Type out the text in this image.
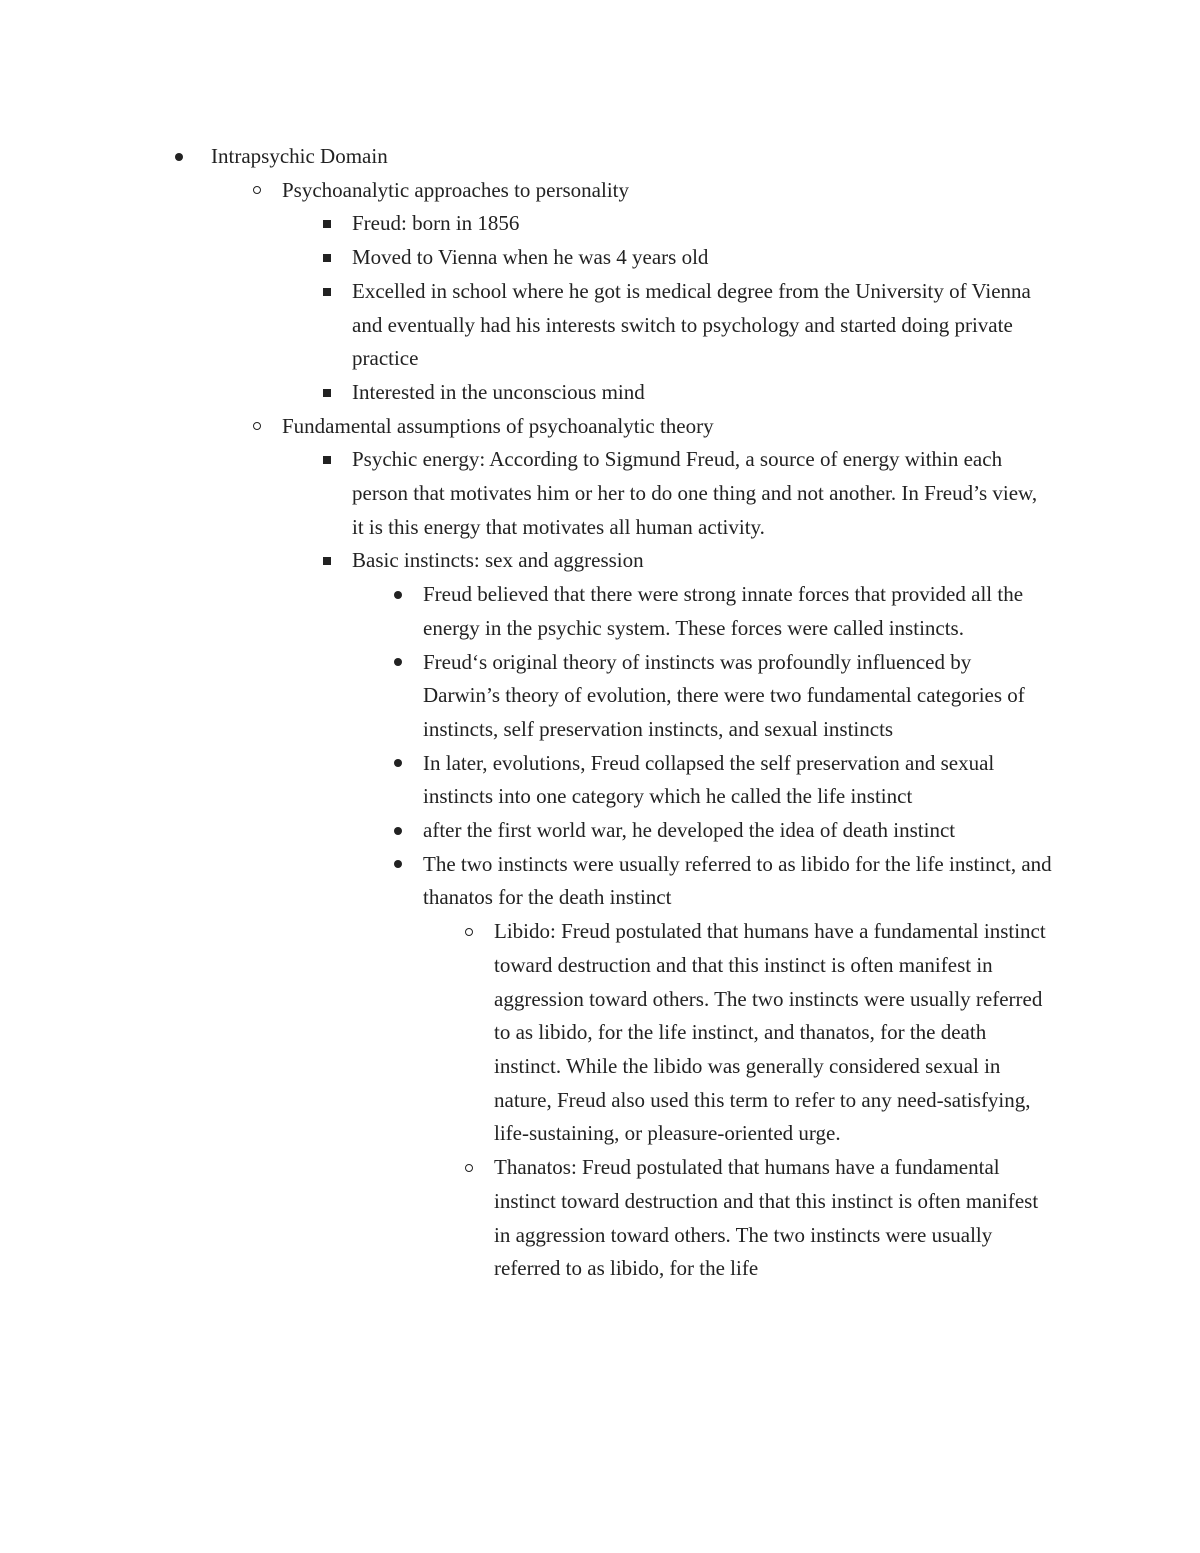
Intrapsychic Domain
Psychoanalytic approaches to personality
Freud: born in 1856
Moved to Vienna when he was 4 years old
Excelled in school where he got is medical degree from the University of Vienna and eventually had his interests switch to psychology and started doing private practice
Interested in the unconscious mind
Fundamental assumptions of psychoanalytic theory
Psychic energy: According to Sigmund Freud, a source of energy within each person that motivates him or her to do one thing and not another. In Freud’s view, it is this energy that motivates all human activity.
Basic instincts: sex and aggression
Freud believed that there were strong innate forces that provided all the energy in the psychic system. These forces were called instincts.
Freud‘s original theory of instincts was profoundly influenced by Darwin’s theory of evolution, there were two fundamental categories of instincts, self preservation instincts, and sexual instincts
In later, evolutions, Freud collapsed the self preservation and sexual instincts into one category which he called the life instinct
after the first world war, he developed the idea of death instinct
The two instincts were usually referred to as libido for the life instinct, and thanatos for the death instinct
Libido: Freud postulated that humans have a fundamental instinct toward destruction and that this instinct is often manifest in aggression toward others. The two instincts were usually referred to as libido, for the life instinct, and thanatos, for the death instinct. While the libido was generally considered sexual in nature, Freud also used this term to refer to any need-satisfying, life-sustaining, or pleasure-oriented urge.
Thanatos: Freud postulated that humans have a fundamental instinct toward destruction and that this instinct is often manifest in aggression toward others. The two instincts were usually referred to as libido, for the life
